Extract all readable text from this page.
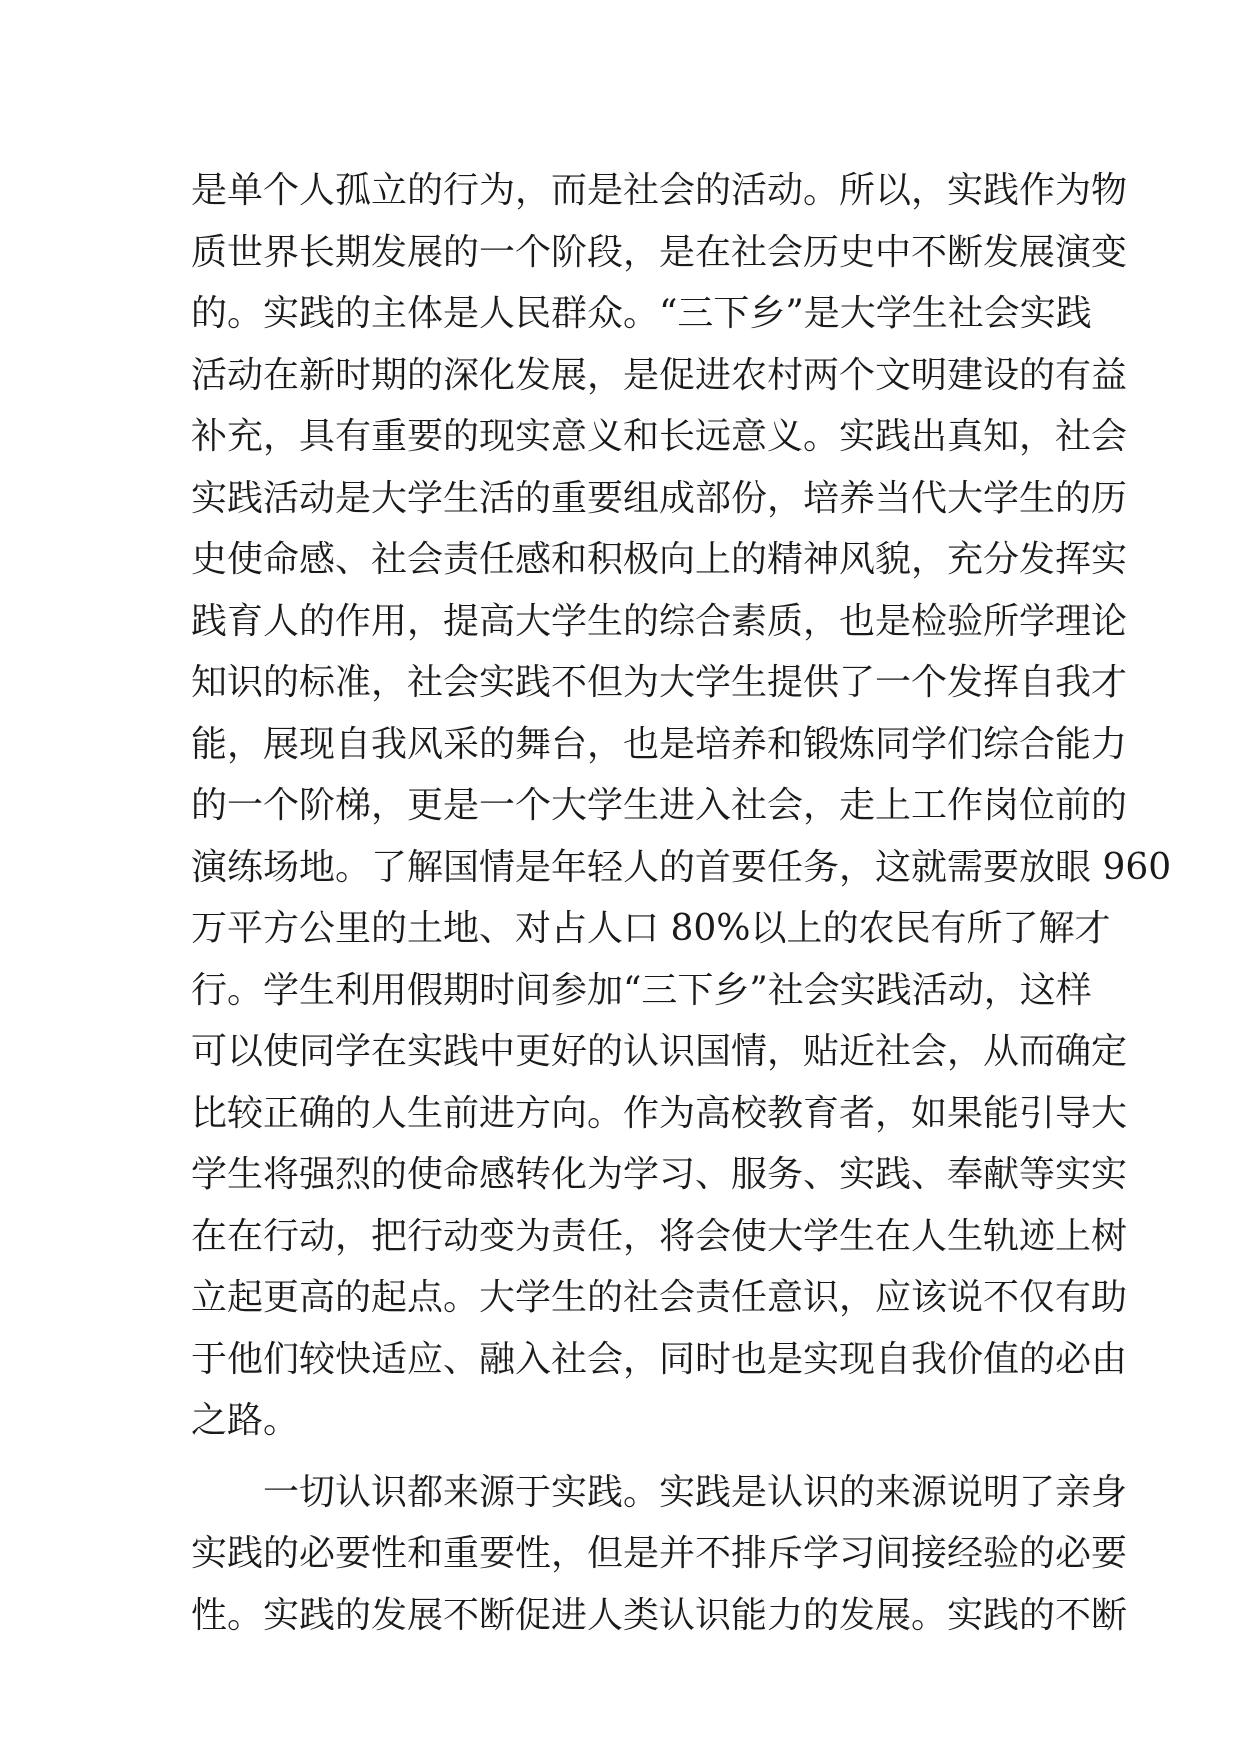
是单个人孤立的行为，而是社会的活动。所以，实践作为物
质世界长期发展的一个阶段，是在社会历史中不断发展演变
的。实践的主体是人民群众。“三下乡”是大学生社会实践
活动在新时期的深化发展，是促进农村两个文明建设的有益
补充，具有重要的现实意义和长远意义。实践出真知，社会
实践活动是大学生活的重要组成部份，培养当代大学生的历
史使命感、社会责任感和积极向上的精神风貌，充分发挥实
践育人的作用，提高大学生的综合素质，也是检验所学理论
知识的标准，社会实践不但为大学生提供了一个发挥自我才
能，展现自我风采的舞台，也是培养和锻炼同学们综合能力
的一个阶梯，更是一个大学生进入社会，走上工作岗位前的
演练场地。了解国情是年轻人的首要任务，这就需要放眼 960
万平方公里的土地、对占人口 80%以上的农民有所了解才
行。学生利用假期时间参加“三下乡”社会实践活动，这样
可以使同学在实践中更好的认识国情，贴近社会，从而确定
比较正确的人生前进方向。作为高校教育者，如果能引导大
学生将强烈的使命感转化为学习、服务、实践、奉献等实实
在在行动，把行动变为责任，将会使大学生在人生轨迹上树
立起更高的起点。大学生的社会责任意识，应该说不仅有助
于他们较快适应、融入社会，同时也是实现自我价值的必由
之路。
　　一切认识都来源于实践。实践是认识的来源说明了亲身
实践的必要性和重要性，但是并不排斥学习间接经验的必要
性。实践的发展不断促进人类认识能力的发展。实践的不断
